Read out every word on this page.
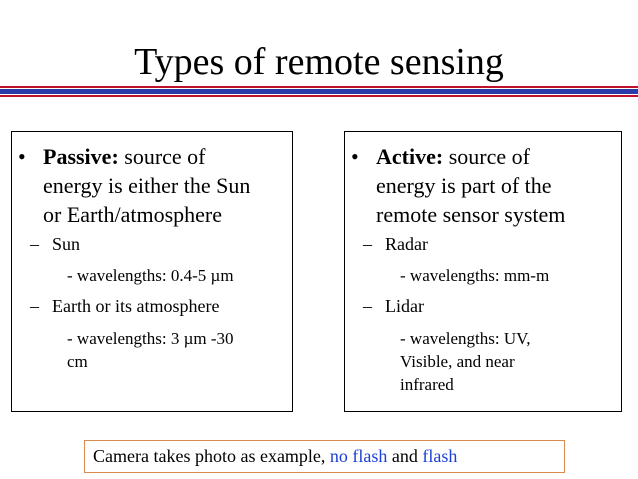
Types of remote sensing
• Passive: source of
energy is either the Sun
or Earth/atmosphere
– Sun
- wavelengths: 0.4-5 µm
– Earth or its atmosphere
- wavelengths: 3 µm -30
cm
• Active: source of
energy is part of the
remote sensor system
– Radar
- wavelengths: mm-m
– Lidar
- wavelengths: UV,
Visible, and near
infrared
Camera takes photo as example, no flash and flash
